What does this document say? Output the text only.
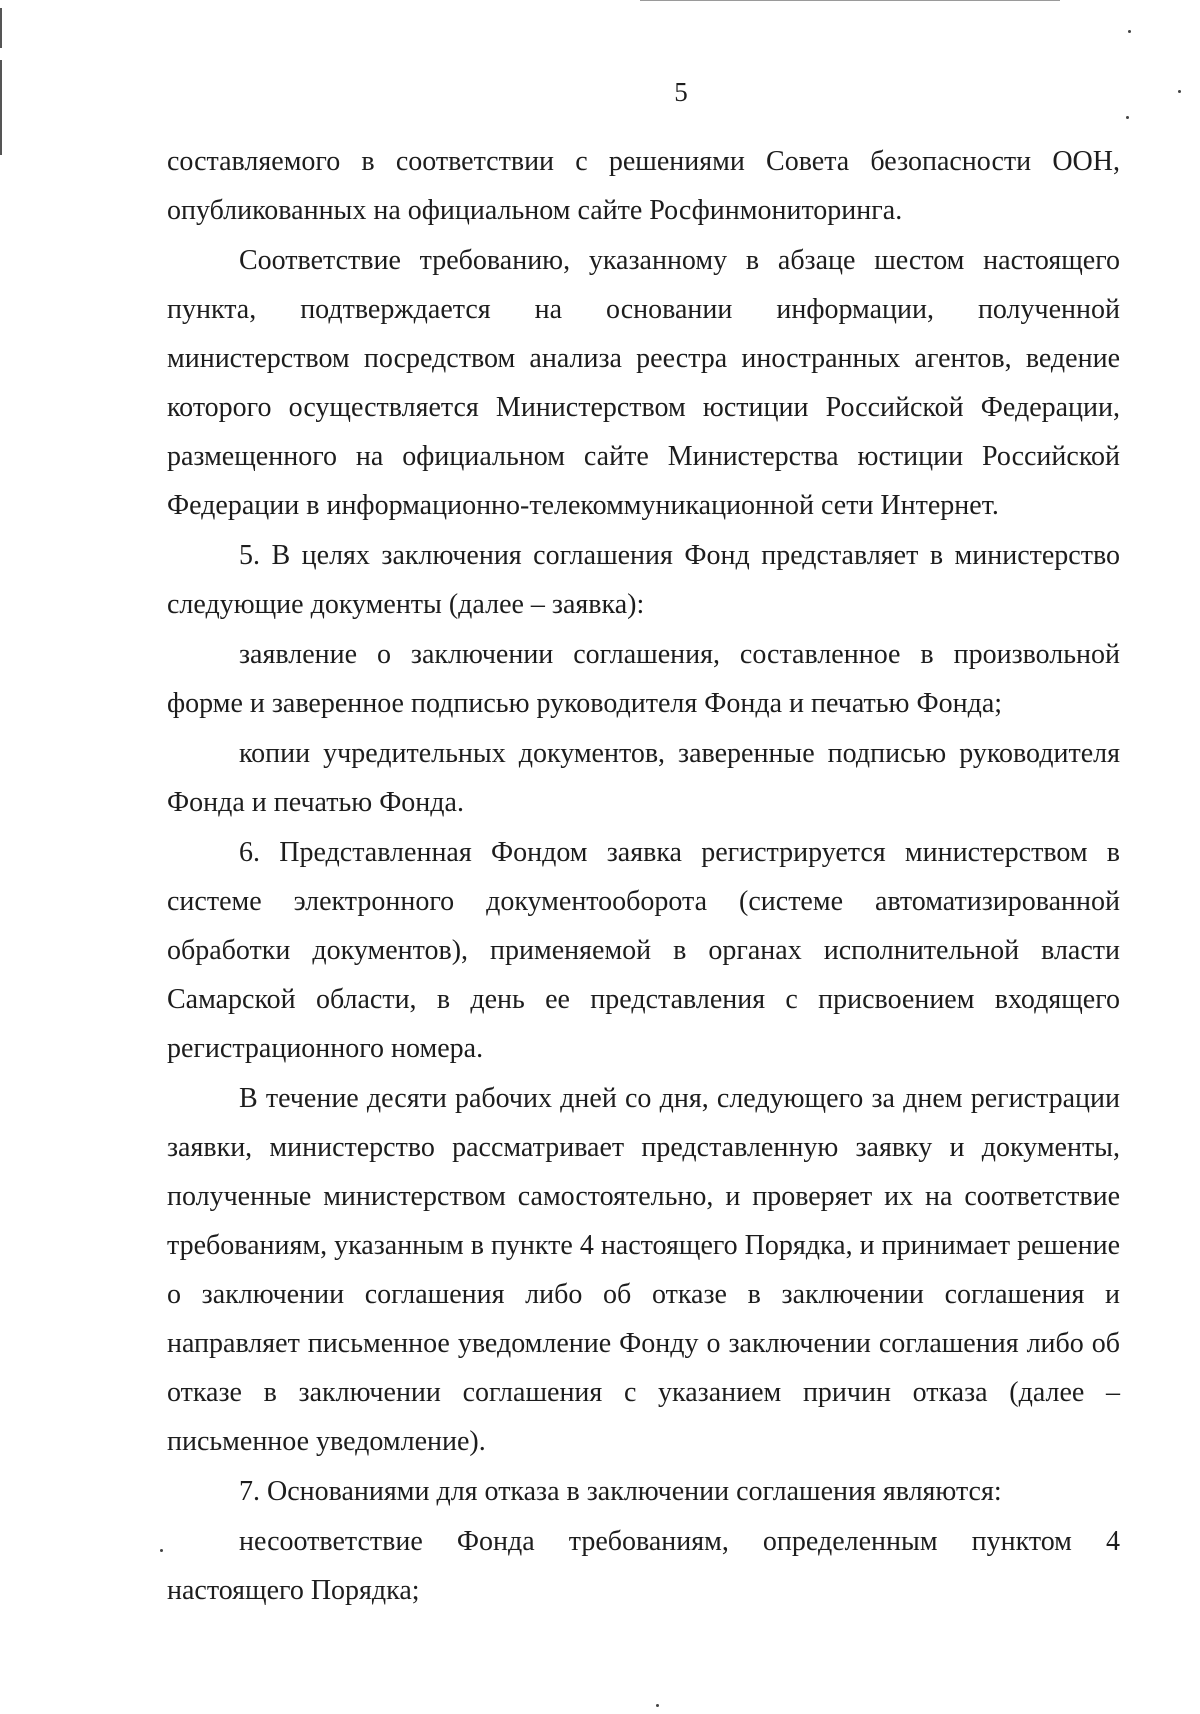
5

составляемого в соответствии с решениями Совета безопасности ООН, опубликованных на официальном сайте Росфинмониторинга.

Соответствие требованию, указанному в абзаце шестом настоящего пункта, подтверждается на основании информации, полученной министерством посредством анализа реестра иностранных агентов, ведение которого осуществляется Министерством юстиции Российской Федерации, размещенного на официальном сайте Министерства юстиции Российской Федерации в информационно-телекоммуникационной сети Интернет.

5. В целях заключения соглашения Фонд представляет в министерство следующие документы (далее – заявка):

заявление о заключении соглашения, составленное в произвольной форме и заверенное подписью руководителя Фонда и печатью Фонда;

копии учредительных документов, заверенные подписью руководителя Фонда и печатью Фонда.

6. Представленная Фондом заявка регистрируется министерством в системе электронного документооборота (системе автоматизированной обработки документов), применяемой в органах исполнительной власти Самарской области, в день ее представления с присвоением входящего регистрационного номера.

В течение десяти рабочих дней со дня, следующего за днем регистрации заявки, министерство рассматривает представленную заявку и документы, полученные министерством самостоятельно, и проверяет их на соответствие требованиям, указанным в пункте 4 настоящего Порядка, и принимает решение о заключении соглашения либо об отказе в заключении соглашения и направляет письменное уведомление Фонду о заключении соглашения либо об отказе в заключении соглашения с указанием причин отказа (далее – письменное уведомление).

7. Основаниями для отказа в заключении соглашения являются:

несоответствие Фонда требованиям, определенным пунктом 4 настоящего Порядка;
